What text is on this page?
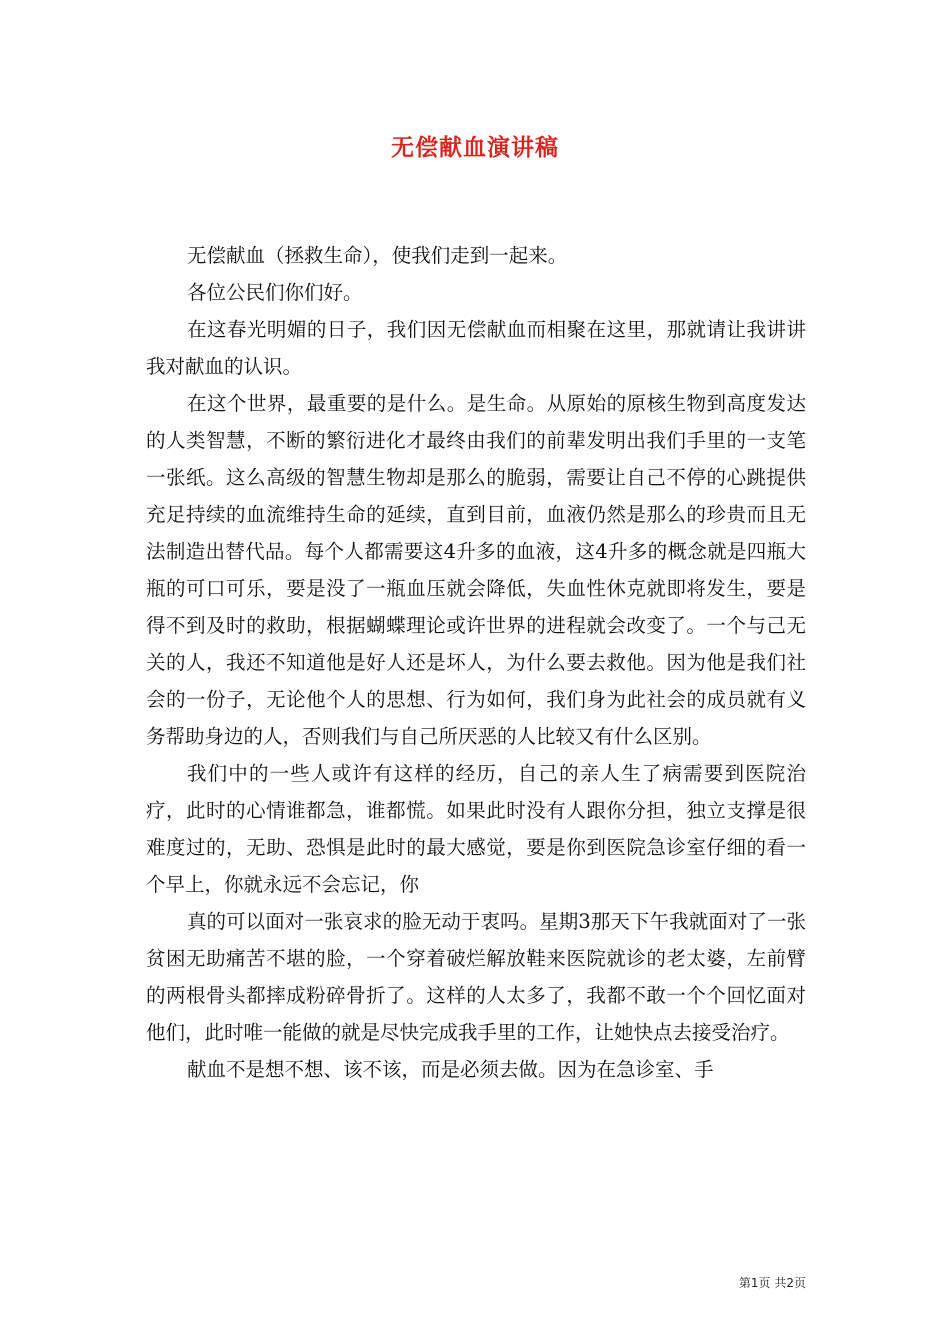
无偿献血演讲稿

无偿献血（拯救生命），使我们走到一起来。

各位公民们你们好。

在这春光明媚的日子，我们因无偿献血而相聚在这里，那就请让我讲讲我对献血的认识。

在这个世界，最重要的是什么。是生命。从原始的原核生物到高度发达的人类智慧，不断的繁衍进化才最终由我们的前辈发明出我们手里的一支笔一张纸。这么高级的智慧生物却是那么的脆弱，需要让自己不停的心跳提供充足持续的血流维持生命的延续，直到目前，血液仍然是那么的珍贵而且无法制造出替代品。每个人都需要这4升多的血液，这4升多的概念就是四瓶大瓶的可口可乐，要是没了一瓶血压就会降低，失血性休克就即将发生，要是得不到及时的救助，根据蝴蝶理论或许世界的进程就会改变了。一个与己无关的人，我还不知道他是好人还是坏人，为什么要去救他。因为他是我们社会的一份子，无论他个人的思想、行为如何，我们身为此社会的成员就有义务帮助身边的人，否则我们与自己所厌恶的人比较又有什么区别。

我们中的一些人或许有这样的经历，自己的亲人生了病需要到医院治疗，此时的心情谁都急，谁都慌。如果此时没有人跟你分担，独立支撑是很难度过的，无助、恐惧是此时的最大感觉，要是你到医院急诊室仔细的看一个早上，你就永远不会忘记，你

真的可以面对一张哀求的脸无动于衷吗。星期3那天下午我就面对了一张贫困无助痛苦不堪的脸，一个穿着破烂解放鞋来医院就诊的老太婆，左前臂的两根骨头都摔成粉碎骨折了。这样的人太多了，我都不敢一个个回忆面对他们，此时唯一能做的就是尽快完成我手里的工作，让她快点去接受治疗。

献血不是想不想、该不该，而是必须去做。因为在急诊室、手

第1页 共2页
